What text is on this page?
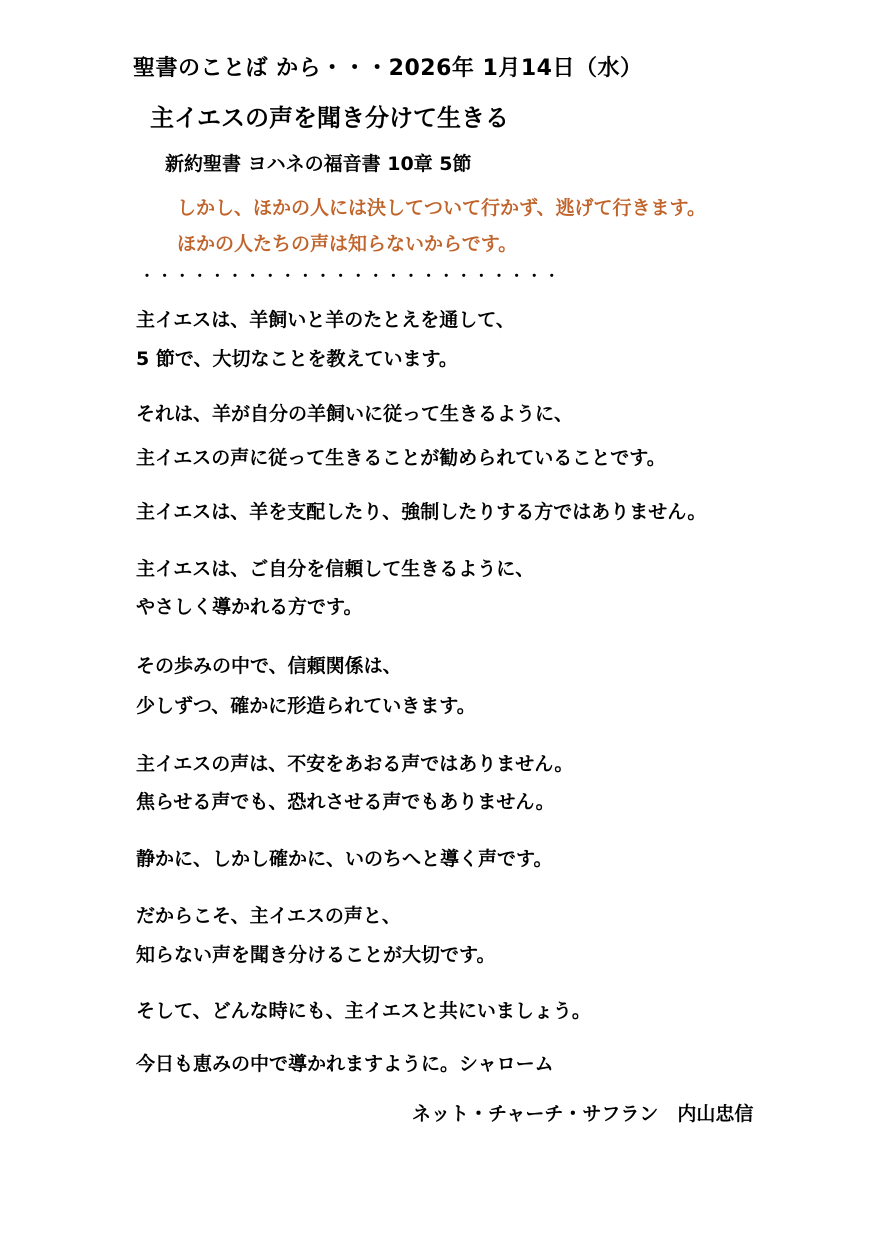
聖書のことば から・・・2026年 1月14日（水）
主イエスの声を聞き分けて生きる
新約聖書 ヨハネの福音書 10章 5節
しかし、ほかの人には決してついて行かず、逃げて行きます。
ほかの人たちの声は知らないからです。
・・・・・・・・・・・・・・・・・・・・・・・・
主イエスは、羊飼いと羊のたとえを通して、
5 節で、大切なことを教えています。
それは、羊が自分の羊飼いに従って生きるように、
主イエスの声に従って生きることが勧められていることです。
主イエスは、羊を支配したり、強制したりする方ではありません。
主イエスは、ご自分を信頼して生きるように、
やさしく導かれる方です。
その歩みの中で、信頼関係は、
少しずつ、確かに形造られていきます。
主イエスの声は、不安をあおる声ではありません。
焦らせる声でも、恐れさせる声でもありません。
静かに、しかし確かに、いのちへと導く声です。
だからこそ、主イエスの声と、
知らない声を聞き分けることが大切です。
そして、どんな時にも、主イエスと共にいましょう。
今日も恵みの中で導かれますように。シャローム
ネット・チャーチ・サフラン　内山忠信
